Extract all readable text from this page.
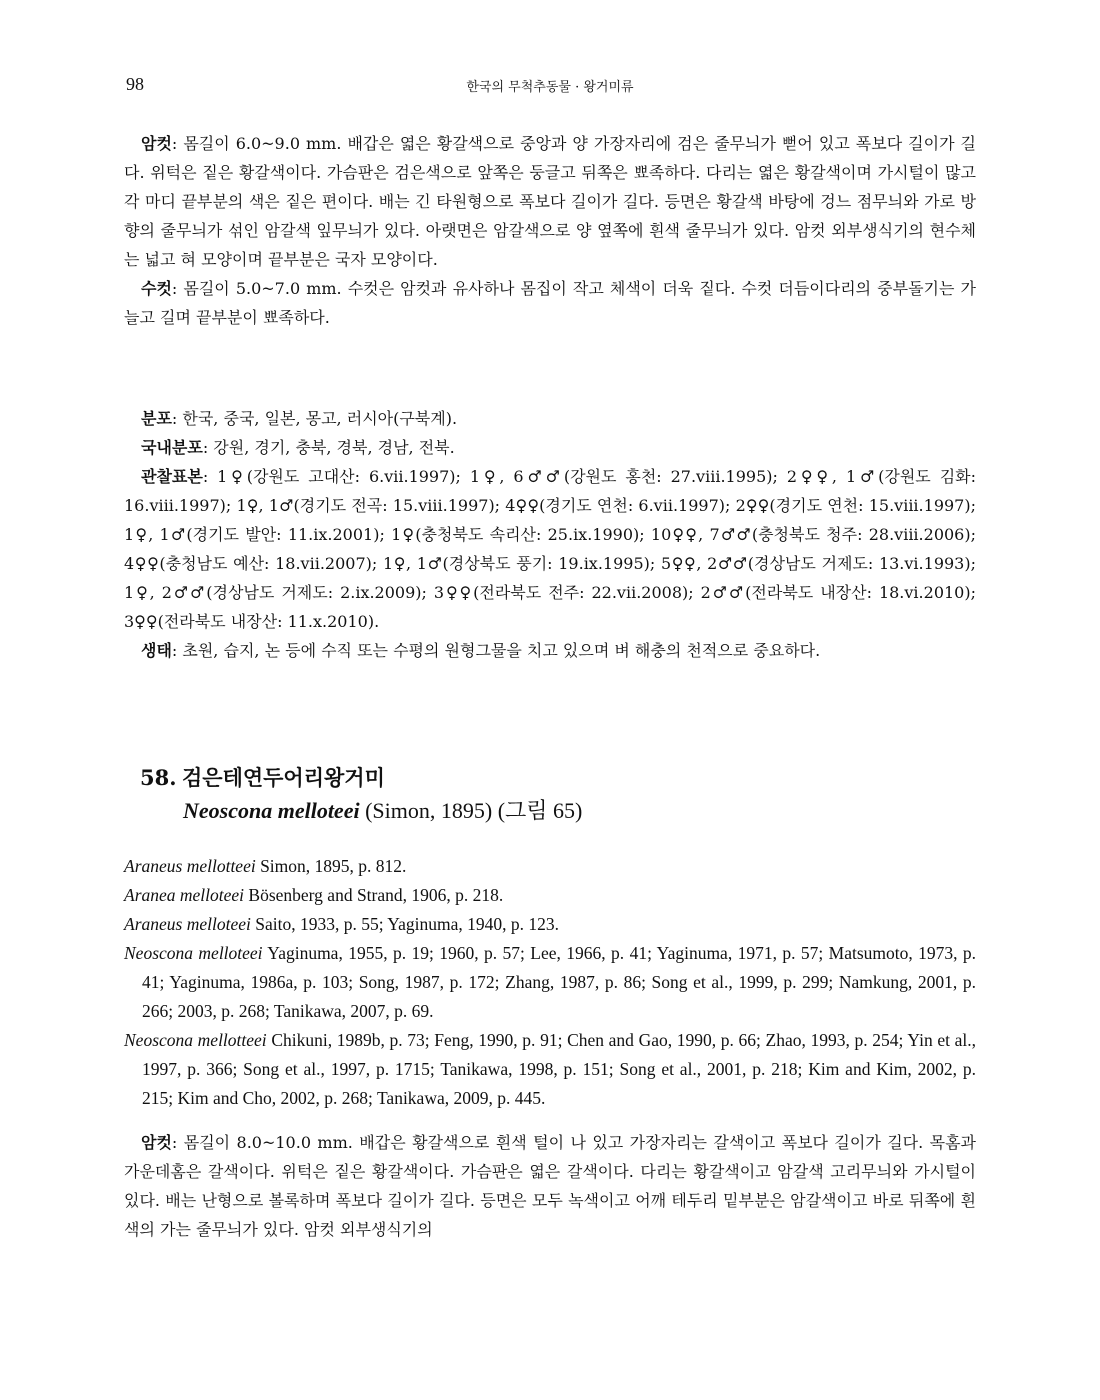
98	한국의 무척추동물 · 왕거미류

암컷: 몸길이 6.0~9.0 mm. 배갑은 엷은 황갈색으로 중앙과 양 가장자리에 검은 줄무늬가 뻗어 있고 폭보다 길이가 길다. 위턱은 짙은 황갈색이다. 가슴판은 검은색으로 앞쪽은 둥글고 뒤쪽은 뾰족하다. 다리는 엷은 황갈색이며 가시털이 많고 각 마디 끝부분의 색은 짙은 편이다. 배는 긴 타원형으로 폭보다 길이가 길다. 등면은 황갈색 바탕에 겅느 점무늬와 가로 방향의 줄무늬가 섞인 암갈색 잎무늬가 있다. 아랫면은 암갈색으로 양 옆쪽에 흰색 줄무늬가 있다. 암컷 외부생식기의 현수체는 넓고 혀 모양이며 끝부분은 국자 모양이다.

수컷: 몸길이 5.0~7.0 mm. 수컷은 암컷과 유사하나 몸집이 작고 체색이 더욱 짙다. 수컷 더듬이다리의 중부돌기는 가늘고 길며 끝부분이 뾰족하다.

분포: 한국, 중국, 일본, 몽고, 러시아(구북계).

국내분포: 강원, 경기, 충북, 경북, 경남, 전북.

관찰표본: 1♀(강원도 고대산: 6.vii.1997); 1♀, 6♂♂(강원도 홍천: 27.viii.1995); 2♀♀, 1♂(강원도 김화: 16.viii.1997); 1♀, 1♂(경기도 전곡: 15.viii.1997); 4♀♀(경기도 연천: 6.vii.1997); 2♀♀(경기도 연천: 15.viii.1997); 1♀, 1♂(경기도 발안: 11.ix.2001); 1♀(충청북도 속리산: 25.ix.1990); 10♀♀, 7♂♂(충청북도 청주: 28.viii.2006); 4♀♀(충청남도 예산: 18.vii.2007); 1♀, 1♂(경상북도 풍기: 19.ix.1995); 5♀♀, 2♂♂(경상남도 거제도: 13.vi.1993); 1♀, 2♂♂(경상남도 거제도: 2.ix.2009); 3♀♀(전라북도 전주: 22.vii.2008); 2♂♂(전라북도 내장산: 18.vi.2010); 3♀♀(전라북도 내장산: 11.x.2010).

생태: 초원, 습지, 논 등에 수직 또는 수평의 원형그물을 치고 있으며 벼 해충의 천적으로 중요하다.

58. 검은테연두어리왕거미

Neoscona melloteei (Simon, 1895) (그림 65)

Araneus mellotteei Simon, 1895, p. 812.

Aranea melloteei Bösenberg and Strand, 1906, p. 218.

Araneus melloteei Saito, 1933, p. 55; Yaginuma, 1940, p. 123.

Neoscona melloteei Yaginuma, 1955, p. 19; 1960, p. 57; Lee, 1966, p. 41; Yaginuma, 1971, p. 57; Matsumoto, 1973, p. 41; Yaginuma, 1986a, p. 103; Song, 1987, p. 172; Zhang, 1987, p. 86; Song et al., 1999, p. 299; Namkung, 2001, p. 266; 2003, p. 268; Tanikawa, 2007, p. 69.

Neoscona mellotteei Chikuni, 1989b, p. 73; Feng, 1990, p. 91; Chen and Gao, 1990, p. 66; Zhao, 1993, p. 254; Yin et al., 1997, p. 366; Song et al., 1997, p. 1715; Tanikawa, 1998, p. 151; Song et al., 2001, p. 218; Kim and Kim, 2002, p. 215; Kim and Cho, 2002, p. 268; Tanikawa, 2009, p. 445.

암컷: 몸길이 8.0~10.0 mm. 배갑은 황갈색으로 흰색 털이 나 있고 가장자리는 갈색이고 폭보다 길이가 길다. 목홈과 가운데홈은 갈색이다. 위턱은 짙은 황갈색이다. 가슴판은 엷은 갈색이다. 다리는 황갈색이고 암갈색 고리무늬와 가시털이 있다. 배는 난형으로 볼록하며 폭보다 길이가 길다. 등면은 모두 녹색이고 어깨 테두리 밑부분은 암갈색이고 바로 뒤쪽에 흰색의 가는 줄무늬가 있다. 암컷 외부생식기의
